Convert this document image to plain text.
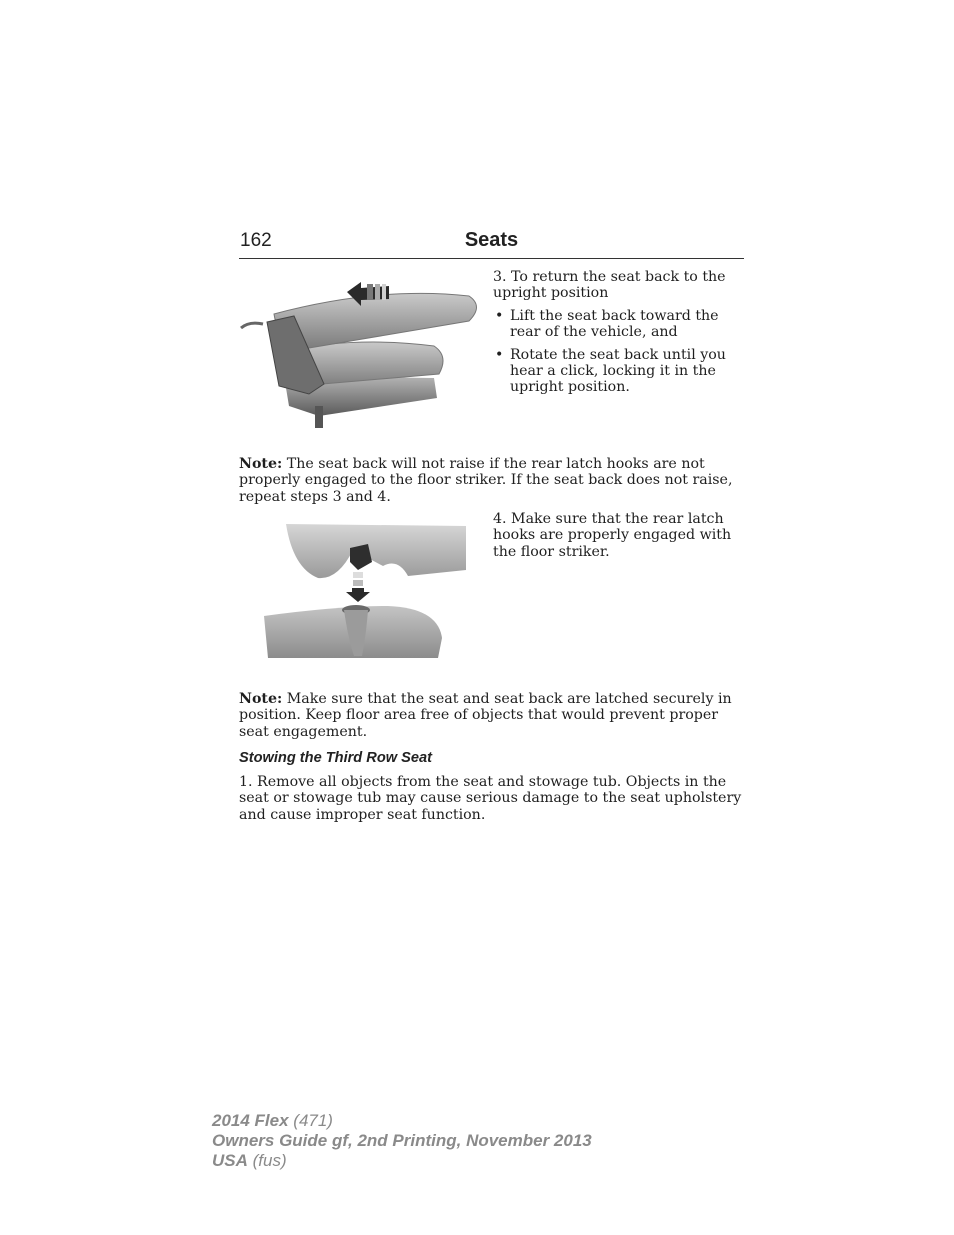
162	Seats
3. To return the seat back to the upright position
• Lift the seat back toward the rear of the vehicle, and
• Rotate the seat back until you hear a click, locking it in the upright position.
Note: The seat back will not raise if the rear latch hooks are not properly engaged to the floor striker. If the seat back does not raise, repeat steps 3 and 4.
4. Make sure that the rear latch hooks are properly engaged with the floor striker.
Note: Make sure that the seat and seat back are latched securely in position. Keep floor area free of objects that would prevent proper seat engagement.
Stowing the Third Row Seat
1. Remove all objects from the seat and stowage tub. Objects in the seat or stowage tub may cause serious damage to the seat upholstery and cause improper seat function.
2014 Flex (471)
Owners Guide gf, 2nd Printing, November 2013
USA (fus)
